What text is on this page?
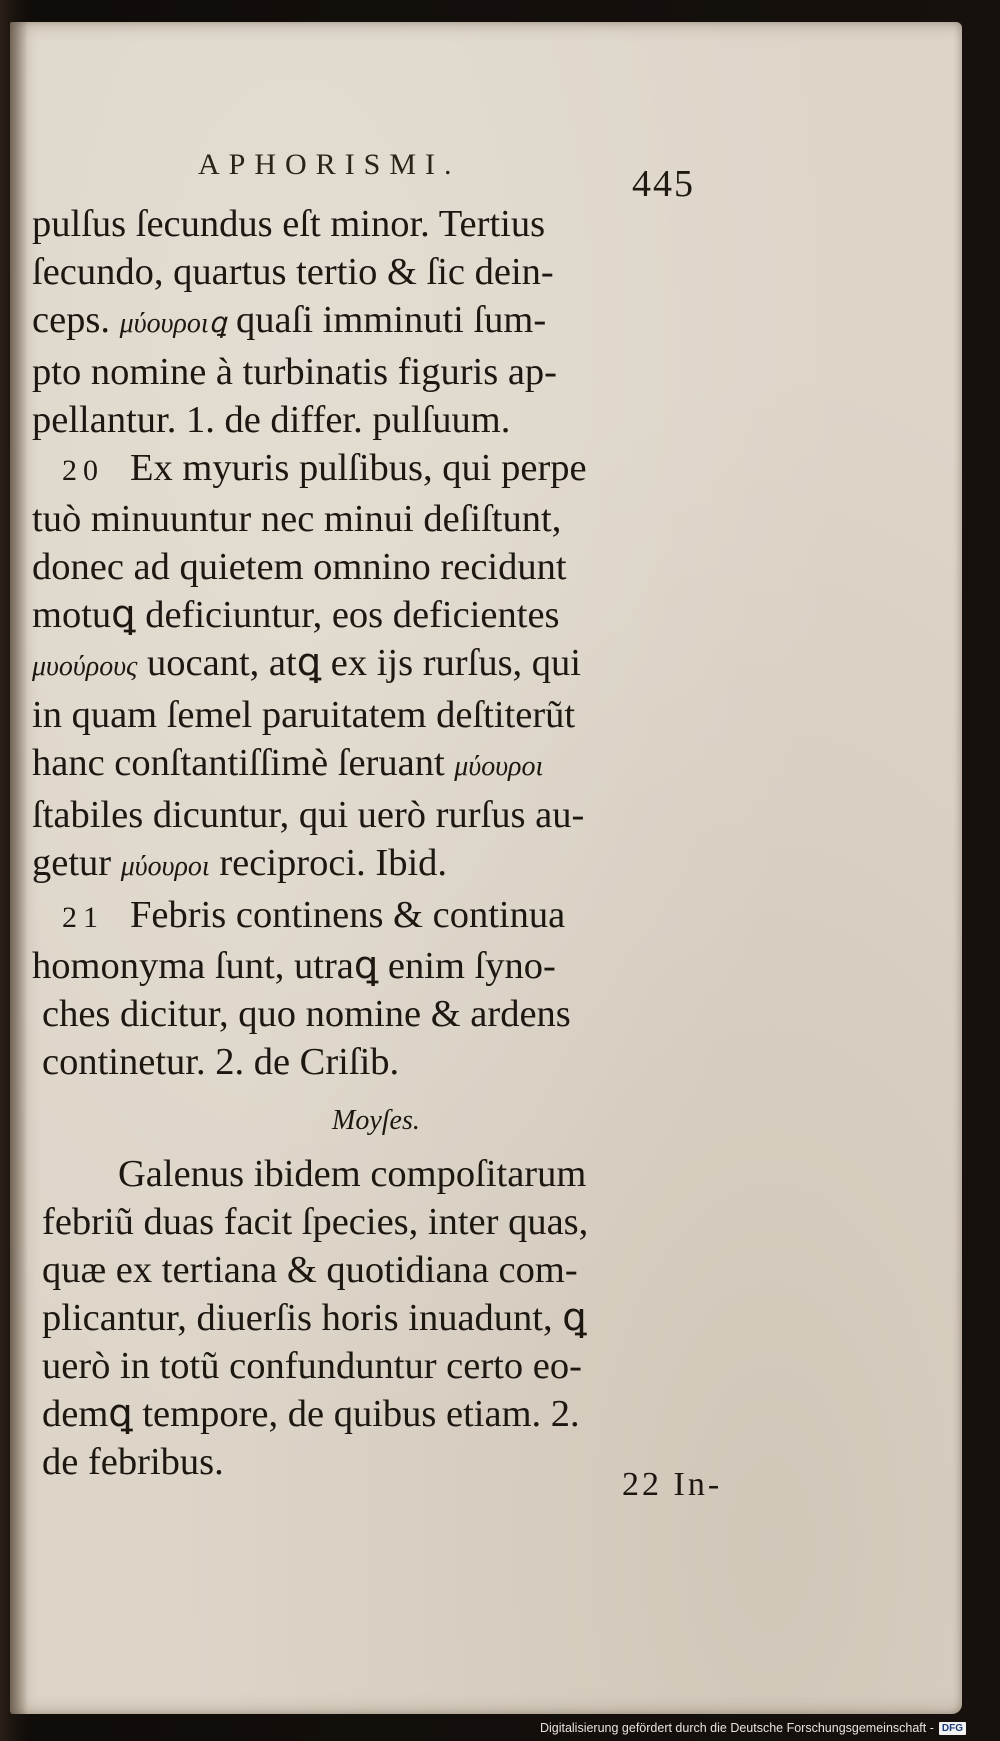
APHORISMI.	445
pulſus ſecundus eſt minor. Tertius
ſecundo, quartus tertio & ſic dein-
ceps. μύουροιꝗ quaſi imminuti ſum-
pto nomine à turbinatis figuris ap-
pellantur. 1. de differ. pulſuum.
20 Ex myuris pulſibus, qui perpe
tuò minuuntur nec minui deſiſtunt,
donec ad quietem omnino recidunt
motuꝗ deficiuntur, eos deficientes
μυούρους uocant, atꝗ ex ijs rurſus, qui
in quam ſemel paruitatem deſtiterũt
hanc conſtantiſſimè ſeruant μύουροι
ſtabiles dicuntur, qui uerò rurſus au-
getur μύουροι reciproci. Ibid.
21 Febris continens & continua
homonyma ſunt, utraꝗ enim ſyno-
ches dicitur, quo nomine & ardens
continetur. 2. de Criſib.
Moyſes.
Galenus ibidem compoſitarum
febriũ duas facit ſpecies, inter quas,
quæ ex tertiana & quotidiana com-
plicantur, diuerſis horis inuadunt, ꝗ
uerò in totũ confunduntur certo eo-
demꝗ tempore, de quibus etiam. 2.
de febribus.
22 In-
Digitalisierung gefördert durch die Deutsche Forschungsgemeinschaft - DFG
